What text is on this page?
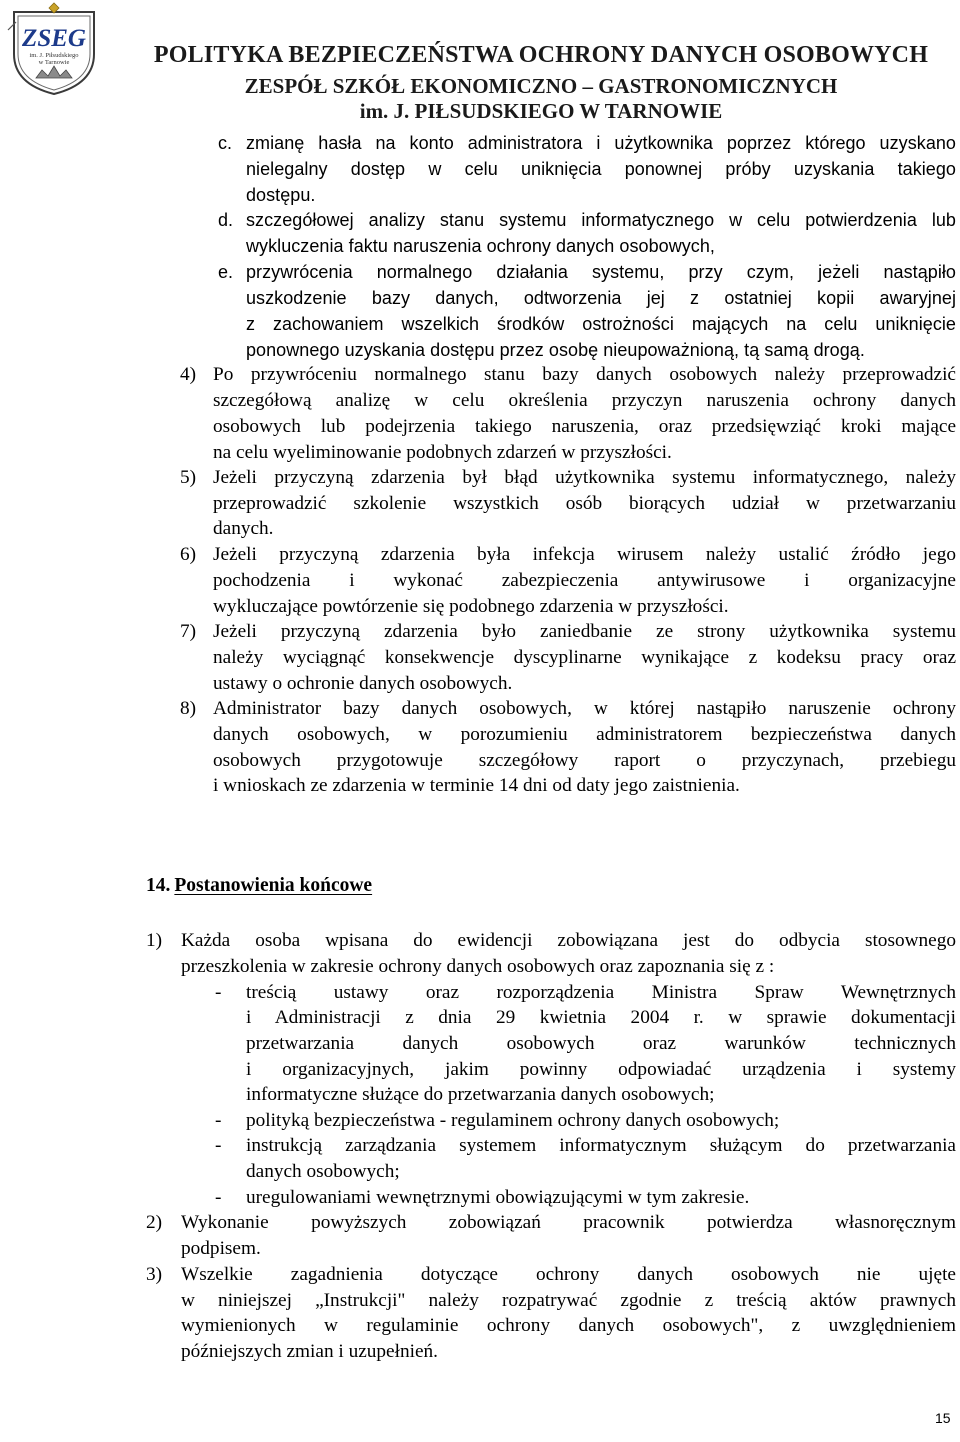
ZSEG
im. J. Piłsudskiego
w Tarnowie	POLITYKA BEZPIECZEŃSTWA OCHRONY DANYCH OSOBOWYCH
ZESPÓŁ SZKÓŁ EKONOMICZNO – GASTRONOMICZNYCH
im. J. PIŁSUDSKIEGO W TARNOWIE
c. zmianę hasła na konto administratora i użytkownika poprzez którego uzyskano
nielegalny dostęp w celu uniknięcia ponownej próby uzyskania takiego
dostępu.
d. szczegółowej analizy stanu systemu informatycznego w celu potwierdzenia lub
wykluczenia faktu naruszenia ochrony danych osobowych,
e. przywrócenia normalnego działania systemu, przy czym, jeżeli nastąpiło
uszkodzenie bazy danych, odtworzenia jej z ostatniej kopii awaryjnej
z zachowaniem wszelkich środków ostrożności mających na celu uniknięcie
ponownego uzyskania dostępu przez osobę nieupoważnioną, tą samą drogą.
4) Po przywróceniu normalnego stanu bazy danych osobowych należy przeprowadzić
szczegółową analizę w celu określenia przyczyn naruszenia ochrony danych
osobowych lub podejrzenia takiego naruszenia, oraz przedsięwziąć kroki mające
na celu wyeliminowanie podobnych zdarzeń w przyszłości.
5) Jeżeli przyczyną zdarzenia był błąd użytkownika systemu informatycznego, należy
przeprowadzić szkolenie wszystkich osób biorących udział w przetwarzaniu
danych.
6) Jeżeli przyczyną zdarzenia była infekcja wirusem należy ustalić źródło jego
pochodzenia i wykonać zabezpieczenia antywirusowe i organizacyjne
wykluczające powtórzenie się podobnego zdarzenia w przyszłości.
7) Jeżeli przyczyną zdarzenia było zaniedbanie ze strony użytkownika systemu
należy wyciągnąć konsekwencje dyscyplinarne wynikające z kodeksu pracy oraz
ustawy o ochronie danych osobowych.
8) Administrator bazy danych osobowych, w której nastąpiło naruszenie ochrony
danych osobowych, w porozumieniu administratorem bezpieczeństwa danych
osobowych przygotowuje szczegółowy raport o przyczynach, przebiegu
i wnioskach ze zdarzenia w terminie 14 dni od daty jego zaistnienia.
14. Postanowienia końcowe
1) Każda osoba wpisana do ewidencji zobowiązana jest do odbycia stosownego
przeszkolenia w zakresie ochrony danych osobowych oraz zapoznania się z :
- treścią ustawy oraz rozporządzenia Ministra Spraw Wewnętrznych
i Administracji z dnia 29 kwietnia 2004 r. w sprawie dokumentacji
przetwarzania danych osobowych oraz warunków technicznych
i organizacyjnych, jakim powinny odpowiadać urządzenia i systemy
informatyczne służące do przetwarzania danych osobowych;
- polityką bezpieczeństwa - regulaminem ochrony danych osobowych;
- instrukcją zarządzania systemem informatycznym służącym do przetwarzania
danych osobowych;
- uregulowaniami wewnętrznymi obowiązującymi w tym zakresie.
2) Wykonanie powyższych zobowiązań pracownik potwierdza własnoręcznym
podpisem.
3) Wszelkie zagadnienia dotyczące ochrony danych osobowych nie ujęte
w niniejszej „Instrukcji" należy rozpatrywać zgodnie z treścią aktów prawnych
wymienionych w regulaminie ochrony danych osobowych", z uwzględnieniem
późniejszych zmian i uzupełnień.
15
